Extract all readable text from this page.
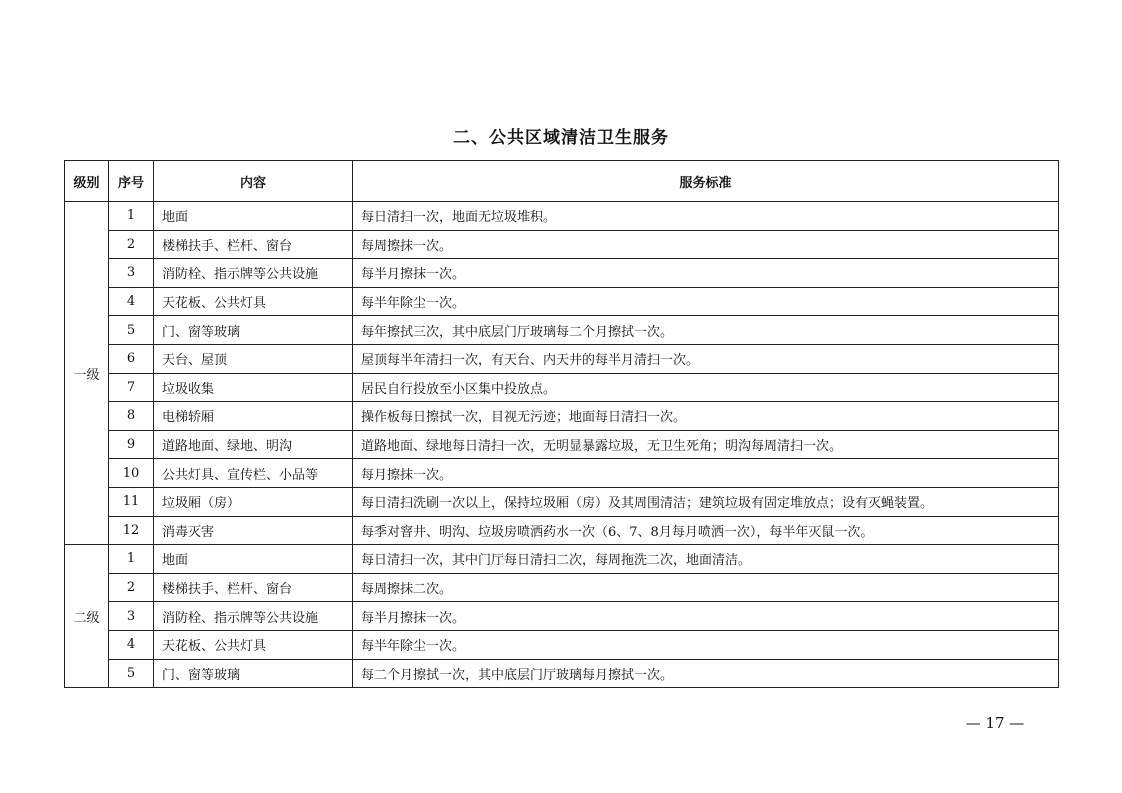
二、公共区域清洁卫生服务
级别	序号	内容	服务标准
一级	1	地面	每日清扫一次，地面无垃圾堆积。
	2	楼梯扶手、栏杆、窗台	每周擦抹一次。
	3	消防栓、指示牌等公共设施	每半月擦抹一次。
	4	天花板、公共灯具	每半年除尘一次。
	5	门、窗等玻璃	每年擦拭三次，其中底层门厅玻璃每二个月擦拭一次。
	6	天台、屋顶	屋顶每半年清扫一次，有天台、内天井的每半月清扫一次。
	7	垃圾收集	居民自行投放至小区集中投放点。
	8	电梯轿厢	操作板每日擦拭一次，目视无污迹；地面每日清扫一次。
	9	道路地面、绿地、明沟	道路地面、绿地每日清扫一次，无明显暴露垃圾，无卫生死角；明沟每周清扫一次。
	10	公共灯具、宣传栏、小品等	每月擦抹一次。
	11	垃圾厢（房）	每日清扫洗刷一次以上，保持垃圾厢（房）及其周围清洁；建筑垃圾有固定堆放点；设有灭蝇装置。
	12	消毒灭害	每季对窨井、明沟、垃圾房喷洒药水一次（6、7、8月每月喷洒一次），每半年灭鼠一次。
二级	1	地面	每日清扫一次，其中门厅每日清扫二次，每周拖洗二次，地面清洁。
	2	楼梯扶手、栏杆、窗台	每周擦抹二次。
	3	消防栓、指示牌等公共设施	每半月擦抹一次。
	4	天花板、公共灯具	每半年除尘一次。
	5	门、窗等玻璃	每二个月擦拭一次，其中底层门厅玻璃每月擦拭一次。
— 17 —
